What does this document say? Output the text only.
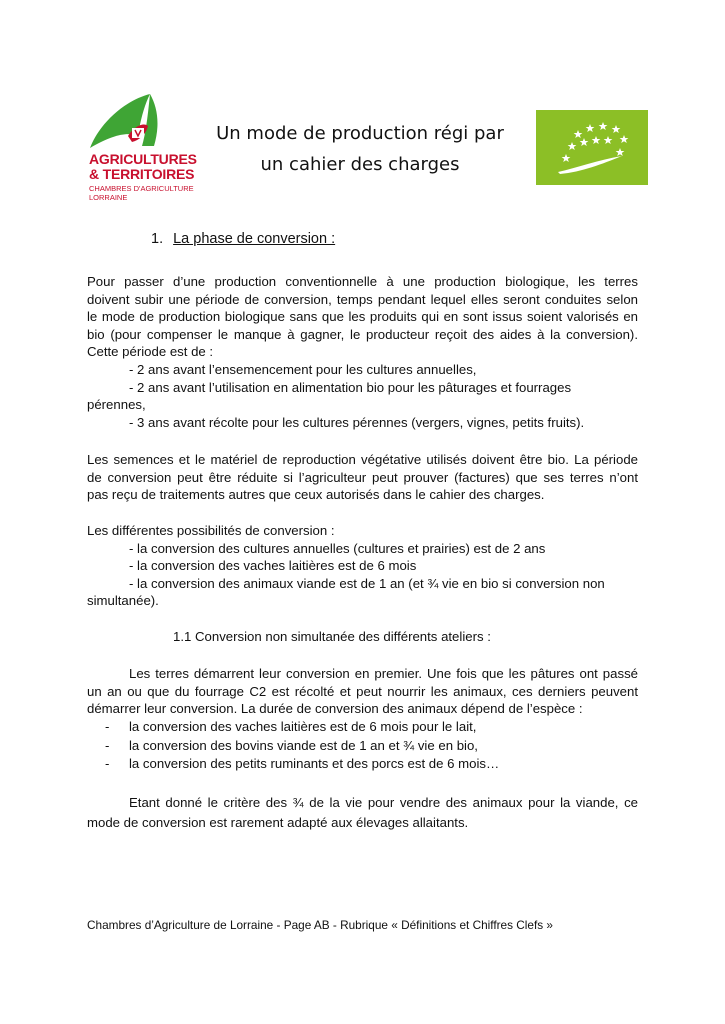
AGRICULTURES
& TERRITOIRES
CHAMBRES D'AGRICULTURE
LORRAINE
Un mode de production régi par
un cahier des charges
1. La phase de conversion :
Pour passer d’une production conventionnelle à une production biologique, les terres
doivent subir une période de conversion, temps pendant lequel elles seront conduites selon
le mode de production biologique sans que les produits qui en sont issus soient valorisés en
bio (pour compenser le manque à gagner, le producteur reçoit des aides à la conversion).
Cette période est de :
- 2 ans avant l’ensemencement pour les cultures annuelles,
- 2 ans avant l’utilisation en alimentation bio pour les pâturages et fourrages
pérennes,
- 3 ans avant récolte pour les cultures pérennes (vergers, vignes, petits fruits).
Les semences et le matériel de reproduction végétative utilisés doivent être bio. La période
de conversion peut être réduite si l’agriculteur peut prouver (factures) que ses terres n’ont
pas reçu de traitements autres que ceux autorisés dans le cahier des charges.
Les différentes possibilités de conversion :
- la conversion des cultures annuelles (cultures et prairies) est de 2 ans
- la conversion des vaches laitières est de 6 mois
- la conversion des animaux viande est de 1 an (et ¾ vie en bio si conversion non
simultanée).
1.1 Conversion non simultanée des différents ateliers :
Les terres démarrent leur conversion en premier. Une fois que les pâtures ont passé
un an ou que du fourrage C2 est récolté et peut nourrir les animaux, ces derniers peuvent
démarrer leur conversion. La durée de conversion des animaux dépend de l’espèce :
- la conversion des vaches laitières est de 6 mois pour le lait,
- la conversion des bovins viande est de 1 an et ¾ vie en bio,
- la conversion des petits ruminants et des porcs est de 6 mois…
Etant donné le critère des ¾ de la vie pour vendre des animaux pour la viande, ce
mode de conversion est rarement adapté aux élevages allaitants.
Chambres d’Agriculture de Lorraine - Page AB - Rubrique « Définitions et Chiffres Clefs »
